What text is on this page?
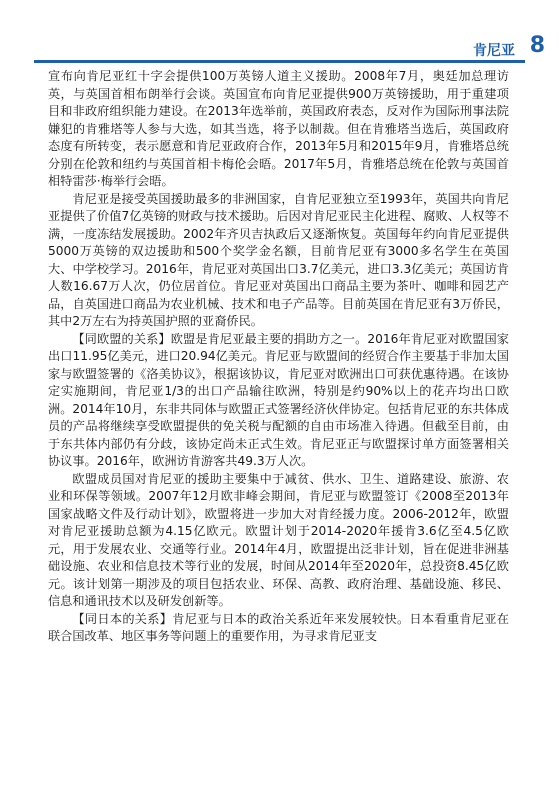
肯尼亚 8

宣布向肯尼亚红十字会提供100万英镑人道主义援助。2008年7月，奥廷加总理访英，与英国首相布朗举行会谈。英国宣布向肯尼亚提供900万英镑援助，用于重建项目和非政府组织能力建设。在2013年选举前，英国政府表态，反对作为国际刑事法院嫌犯的肯雅塔等人参与大选，如其当选，将予以制裁。但在肯雅塔当选后，英国政府态度有所转变，表示愿意和肯尼亚政府合作，2013年5月和2015年9月，肯雅塔总统分别在伦敦和纽约与英国首相卡梅伦会晤。2017年5月，肯雅塔总统在伦敦与英国首相特雷莎·梅举行会晤。

肯尼亚是接受英国援助最多的非洲国家，自肯尼亚独立至1993年，英国共向肯尼亚提供了价值7亿英镑的财政与技术援助。后因对肯尼亚民主化进程、腐败、人权等不满，一度冻结发展援助。2002年齐贝吉执政后又逐渐恢复。英国每年约向肯尼亚提供5000万英镑的双边援助和500个奖学金名额，目前肯尼亚有3000多名学生在英国大、中学校学习。2016年，肯尼亚对英国出口3.7亿美元，进口3.3亿美元；英国访肯人数16.67万人次，仍位居首位。肯尼亚对英国出口商品主要为茶叶、咖啡和园艺产品，自英国进口商品为农业机械、技术和电子产品等。目前英国在肯尼亚有3万侨民，其中2万左右为持英国护照的亚裔侨民。

【同欧盟的关系】欧盟是肯尼亚最主要的捐助方之一。2016年肯尼亚对欧盟国家出口11.95亿美元，进口20.94亿美元。肯尼亚与欧盟间的经贸合作主要基于非加太国家与欧盟签署的《洛美协议》，根据该协议，肯尼亚对欧洲出口可获优惠待遇。在该协定实施期间，肯尼亚1/3的出口产品输往欧洲，特别是约90%以上的花卉均出口欧洲。2014年10月，东非共同体与欧盟正式签署经济伙伴协定。包括肯尼亚的东共体成员的产品将继续享受欧盟提供的免关税与配额的自由市场准入待遇。但截至目前，由于东共体内部仍有分歧，该协定尚未正式生效。肯尼亚正与欧盟探讨单方面签署相关协议事。2016年，欧洲访肯游客共49.3万人次。

欧盟成员国对肯尼亚的援助主要集中于减贫、供水、卫生、道路建设、旅游、农业和环保等领域。2007年12月欧非峰会期间，肯尼亚与欧盟签订《2008至2013年国家战略文件及行动计划》，欧盟将进一步加大对肯经援力度。2006-2012年，欧盟对肯尼亚援助总额为4.15亿欧元。欧盟计划于2014-2020年援肯3.6亿至4.5亿欧元，用于发展农业、交通等行业。2014年4月，欧盟提出泛非计划，旨在促进非洲基础设施、农业和信息技术等行业的发展，时间从2014年至2020年，总投资8.45亿欧元。该计划第一期涉及的项目包括农业、环保、高教、政府治理、基础设施、移民、信息和通讯技术以及研发创新等。

【同日本的关系】肯尼亚与日本的政治关系近年来发展较快。日本看重肯尼亚在联合国改革、地区事务等问题上的重要作用，为寻求肯尼亚支
